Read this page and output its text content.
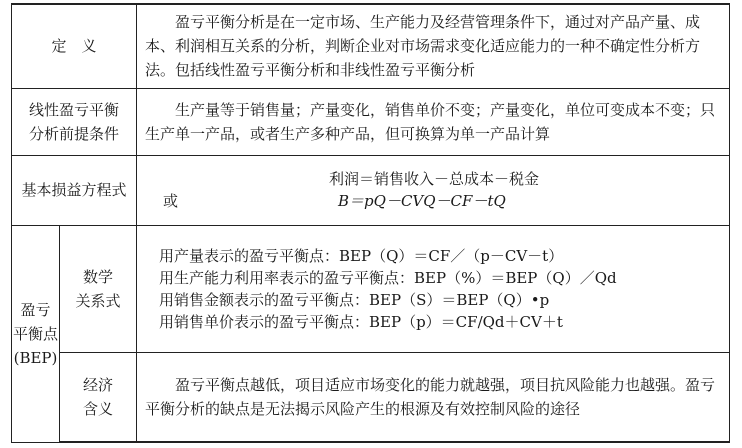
定　义		盈亏平衡分析是在一定市场、生产能力及经营管理条件下，通过对产品产量、成本、利润相互关系的分析，判断企业对市场需求变化适应能力的一种不确定性分析方法。包括线性盈亏平衡分析和非线性盈亏平衡分析

线性盈亏平衡
分析前提条件		生产量等于销售量；产量变化，销售单价不变；产量变化，单位可变成本不变；只生产单一产品，或者生产多种产品，但可换算为单一产品计算

基本损益方程式		利润＝销售收入－总成本－税金
或 B＝pQ－CVQ－CF－tQ

盈亏
平衡点
(BEP)	数学
关系式	用产量表示的盈亏平衡点：BEP（Q）＝CF／（p－CV－t）
用生产能力利用率表示的盈亏平衡点：BEP（%）＝BEP（Q）／Qd
用销售金额表示的盈亏平衡点：BEP（S）＝BEP（Q）•p
用销售单价表示的盈亏平衡点：BEP（p）＝CF/Qd＋CV＋t

	经济
含义	盈亏平衡点越低，项目适应市场变化的能力就越强，项目抗风险能力也越强。盈亏平衡分析的缺点是无法揭示风险产生的根源及有效控制风险的途径
